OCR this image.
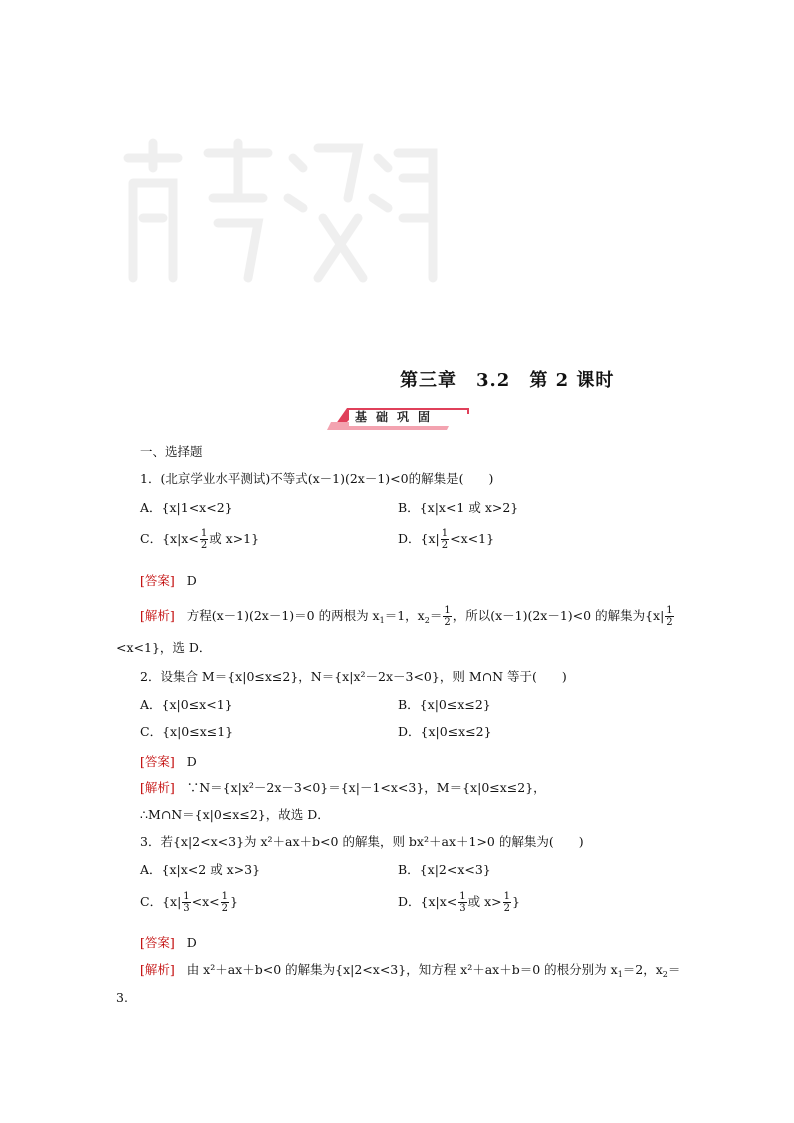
第三章　3.2　第 2 课时
基础巩固
一、选择题
1．(北京学业水平测试)不等式(x－1)(2x－1)<0的解集是(　　)
A．{x|1<x<2}	B．{x|x<1 或 x>2}
C．{$x|x< \frac{1}{2}$ 或 x>1}	D．$\{x| \frac{1}{2} <x<1\}$
[答案] D
[解析] 方程(x－1)(2x－1)＝0 的两根为 $x_1=1$，$x_2= \frac{1}{2}$ ，所以(x－1)(2x－1)<0 的解集为{$x| \frac{1}{2}$
<x<1}，选 D．
2．设集合 M＝{x|0≤x≤2}，N＝{x|x²－2x－3<0}，则 M∩N 等于(　　)
A．{x|0≤x<1}	B．{x|0≤x≤2}
C．{x|0≤x≤1}	D．{x|0≤x≤2}
[答案] D
[解析] ∵N＝{x|x²－2x－3<0}＝{x|－1<x<3}，M＝{x|0≤x≤2}，
∴M∩N＝{x|0≤x≤2}，故选 D．
3．若{x|2<x<3}为 x²＋ax＋b<0 的解集，则 bx²＋ax＋1>0 的解集为(　　)
A．{x|x<2 或 x>3}	B．{x|2<x<3}
C．{$x| \frac{1}{3} <x< \frac{1}{2}$ }	D．{$x|x< \frac{1}{3}$ 或 $x> \frac{1}{2}$ }
[答案] D
[解析] 由 x²＋ax＋b<0 的解集为{x|2<x<3}，知方程 x²＋ax＋b＝0 的根分别为 $x_1=2$，$x_2=$
3.
